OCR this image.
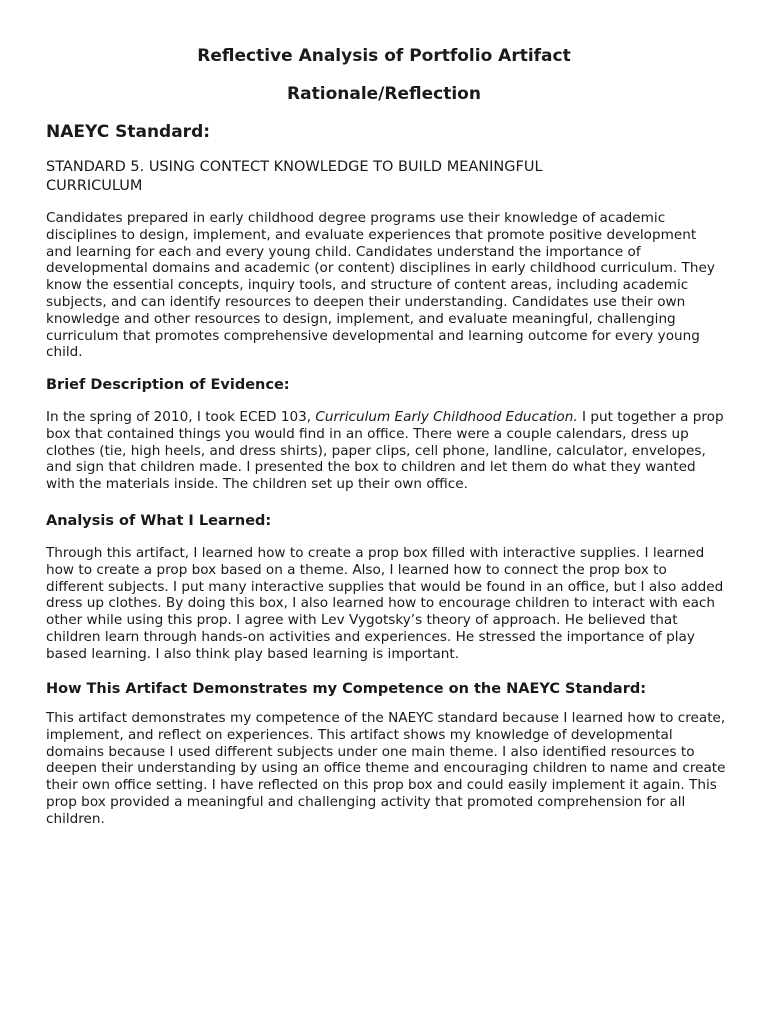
Reflective Analysis of Portfolio Artifact
Rationale/Reflection
NAEYC Standard:

STANDARD 5. USING CONTECT KNOWLEDGE TO BUILD MEANINGFUL
CURRICULUM

Candidates prepared in early childhood degree programs use their knowledge of academic disciplines to design, implement, and evaluate experiences that promote positive development and learning for each and every young child. Candidates understand the importance of developmental domains and academic (or content) disciplines in early childhood curriculum. They know the essential concepts, inquiry tools, and structure of content areas, including academic subjects, and can identify resources to deepen their understanding. Candidates use their own knowledge and other resources to design, implement, and evaluate meaningful, challenging curriculum that promotes comprehensive developmental and learning outcome for every young child.

Brief Description of Evidence:

In the spring of 2010, I took ECED 103, Curriculum Early Childhood Education. I put together a prop box that contained things you would find in an office. There were a couple calendars, dress up clothes (tie, high heels, and dress shirts), paper clips, cell phone, landline, calculator, envelopes, and sign that children made. I presented the box to children and let them do what they wanted with the materials inside. The children set up their own office.

Analysis of What I Learned:

Through this artifact, I learned how to create a prop box filled with interactive supplies. I learned how to create a prop box based on a theme. Also, I learned how to connect the prop box to different subjects. I put many interactive supplies that would be found in an office, but I also added dress up clothes. By doing this box, I also learned how to encourage children to interact with each other while using this prop. I agree with Lev Vygotsky’s theory of approach. He believed that children learn through hands-on activities and experiences. He stressed the importance of play based learning. I also think play based learning is important.

How This Artifact Demonstrates my Competence on the NAEYC Standard:

This artifact demonstrates my competence of the NAEYC standard because I learned how to create, implement, and reflect on experiences. This artifact shows my knowledge of developmental domains because I used different subjects under one main theme. I also identified resources to deepen their understanding by using an office theme and encouraging children to name and create their own office setting. I have reflected on this prop box and could easily implement it again. This prop box provided a meaningful and challenging activity that promoted comprehension for all children.
